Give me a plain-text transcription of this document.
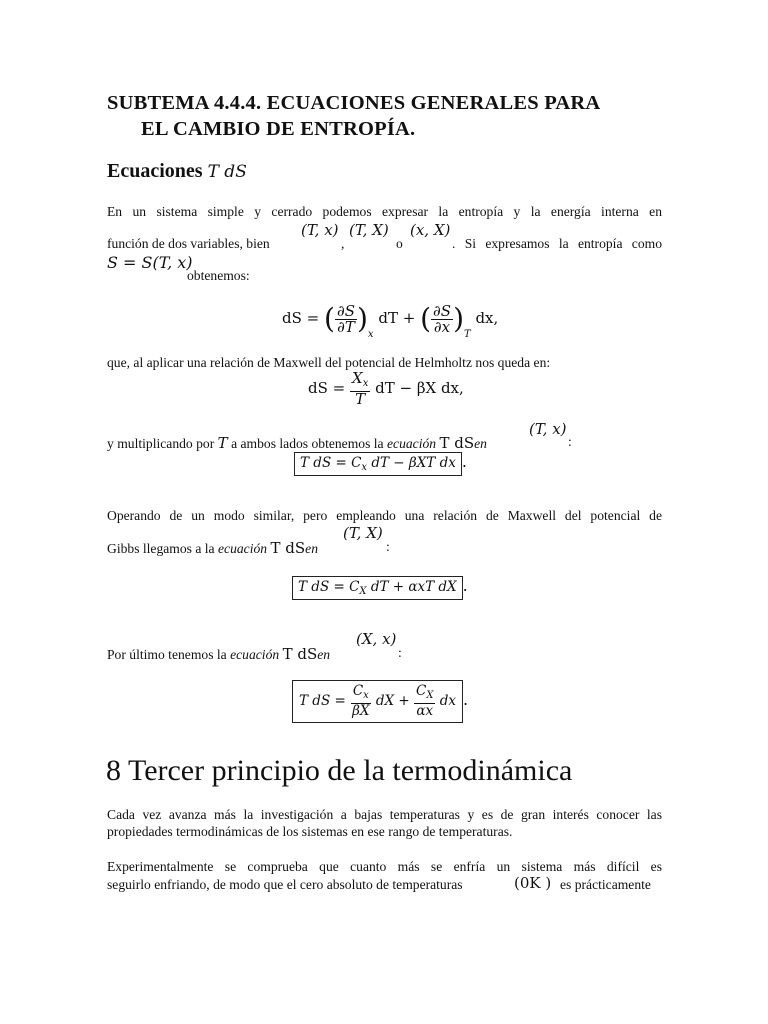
SUBTEMA 4.4.4. ECUACIONES GENERALES PARA
EL CAMBIO DE ENTROPÍA.
Ecuaciones T dS
En un sistema simple y cerrado podemos expresar la entropía y la energía interna en
(T, x) (T, X) (x, X)
función de dos variables, bien	,	o	. Si expresamos la entropía como
S = S(T, x)
obtenemos:
dS = ( $\frac{\partial S}{\partial T} )_x$ dT + ( $\frac{\partial S}{\partial x} )_T$ dx,
que, al aplicar una relación de Maxwell del potencial de Helmholtz nos queda en:
dS = $\frac{X_x}{T}$ dT − βX dx,
(T, x)
y multiplicando por T a ambos lados obtenemos la ecuación T dSen	:
T dS = $C_x$ dT − βXT dx .
Operando de un modo similar, pero empleando una relación de Maxwell del potencial de
(T, X)
Gibbs llegamos a la ecuación T dSen	:
T dS = $C_X$ dT + αxT dX .
(X, x)
Por último tenemos la ecuación T dSen	:
T dS = $\frac{C_x}{\beta X}$ dX + $\frac{C_X}{\alpha x}$ dx .
8 Tercer principio de la termodinámica
Cada vez avanza más la investigación a bajas temperaturas y es de gran interés conocer las
propiedades termodinámicas de los sistemas en ese rango de temperaturas.
Experimentalmente se comprueba que cuanto más se enfría un sistema más difícil es
seguirlo enfriando, de modo que el cero absoluto de temperaturas	(0K ) es prácticamente
